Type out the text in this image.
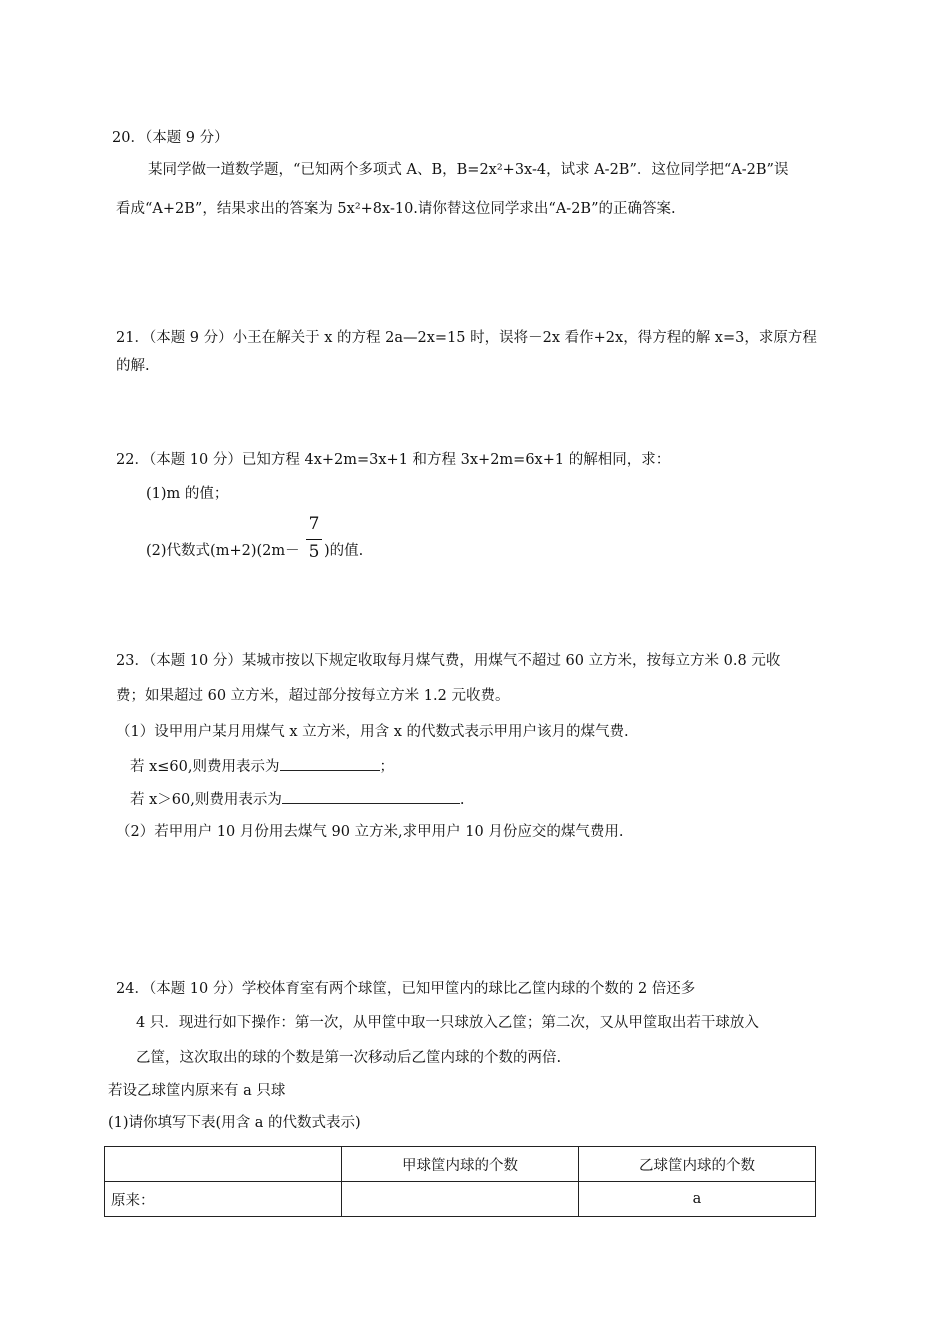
20．（本题 9 分）
某同学做一道数学题，“已知两个多项式 A、B，B=2x²+3x-4，试求 A-2B”．这位同学把“A-2B”误
看成“A+2B”，结果求出的答案为 5x²+8x-10.请你替这位同学求出“A-2B”的正确答案.
21．（本题 9 分）小王在解关于 x 的方程 2a—2x=15 时，误将－2x 看作+2x，得方程的解 x=3，求原方程
的解.
22．（本题 10 分）已知方程 4x+2m=3x+1 和方程 3x+2m=6x+1 的解相同，求：
(1)m 的值；
(2)代数式(m+2)(2m－
7
5 )的值.
23．（本题 10 分）某城市按以下规定收取每月煤气费，用煤气不超过 60 立方米，按每立方米 0.8 元收
费；如果超过 60 立方米，超过部分按每立方米 1.2 元收费。
（1）设甲用户某月用煤气 x 立方米，用含 x 的代数式表示甲用户该月的煤气费.
若 x≤60,则费用表示为	；
若 x＞60,则费用表示为	.
（2）若甲用户 10 月份用去煤气 90 立方米,求甲用户 10 月份应交的煤气费用.
24．（本题 10 分）学校体育室有两个球筐，已知甲筐内的球比乙筐内球的个数的 2 倍还多
4 只．现进行如下操作：第一次，从甲筐中取一只球放入乙筐；第二次，又从甲筐取出若干球放入
乙筐，这次取出的球的个数是第一次移动后乙筐内球的个数的两倍.
若设乙球筐内原来有 a 只球
(1)请你填写下表(用含 a 的代数式表示)
	甲球筐内球的个数	乙球筐内球的个数
原来：		a
